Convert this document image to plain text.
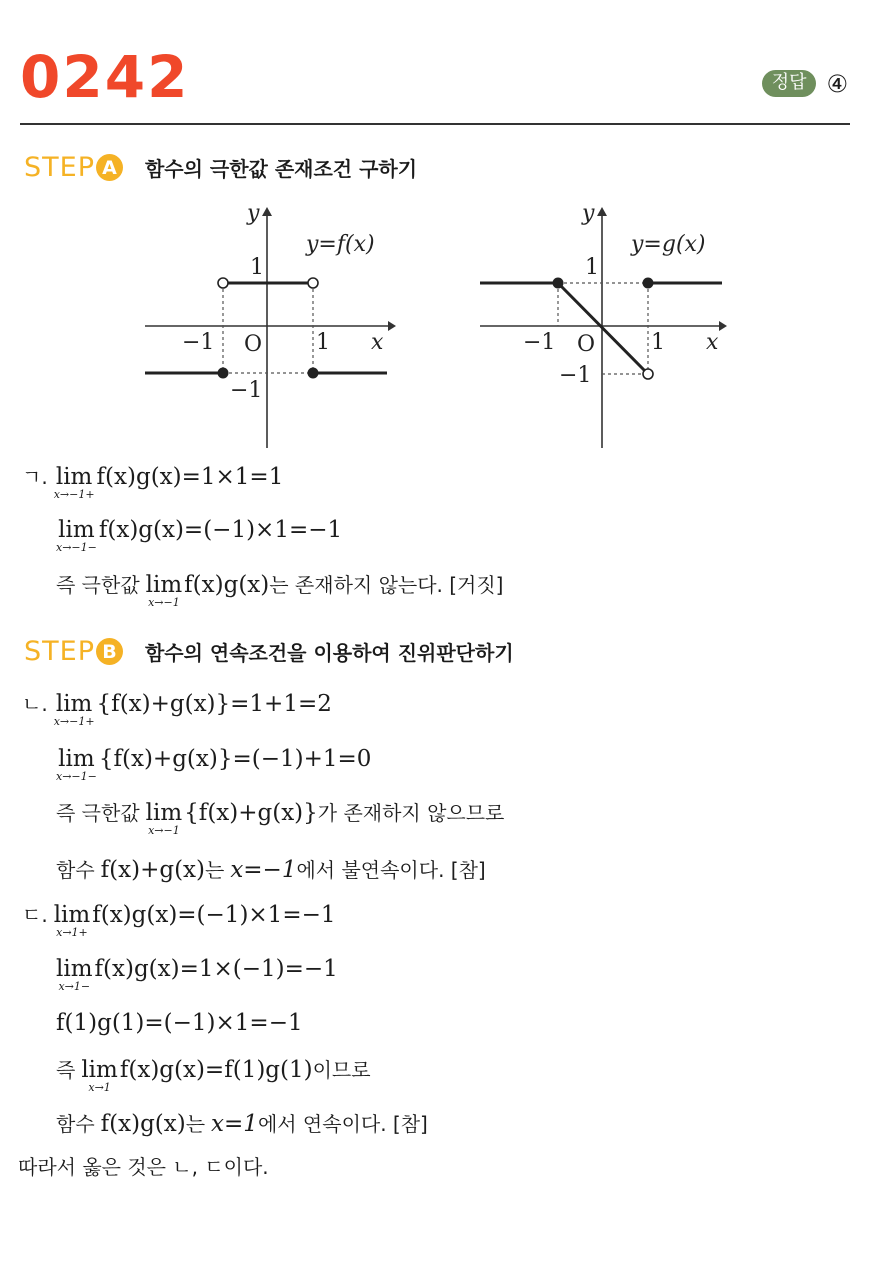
0242	정답 ④
STEP A	함수의 극한값 존재조건 구하기
y
x
y=f(x)
1
−1 O 1
−1
y
x
y=g(x)
1
−1 O	1
−1
ㄱ. lim
x→−1+
f(x)g(x)=1×1=1
lim
x→−1−
f(x)g(x)=(−1)×1=−1
즉 극한값 lim
x→−1
f(x)g(x) 는 존재하지 않는다. [거짓]
STEP B	함수의 연속조건을 이용하여 진위판단하기
ㄴ. lim
x→−1+
{f(x)+g(x)}=1+1=2
lim
x→−1−
{f(x)+g(x)}=(−1)+1=0
즉 극한값 lim
x→−1
{f(x)+g(x)} 가 존재하지 않으므로
함수 f(x)+g(x) 는 x=−1 에서 불연속이다. [참]
ㄷ. lim
x→1+
f(x)g(x)=(−1)×1=−1
lim
x→1−
f(x)g(x)=1×(−1)=−1
f(1)g(1)=(−1)×1=−1
즉 lim
x→1
f(x)g(x)=f(1)g(1) 이므로
함수 f(x)g(x) 는 x=1 에서 연속이다. [참]
따라서 옳은 것은 ㄴ, ㄷ이다.
